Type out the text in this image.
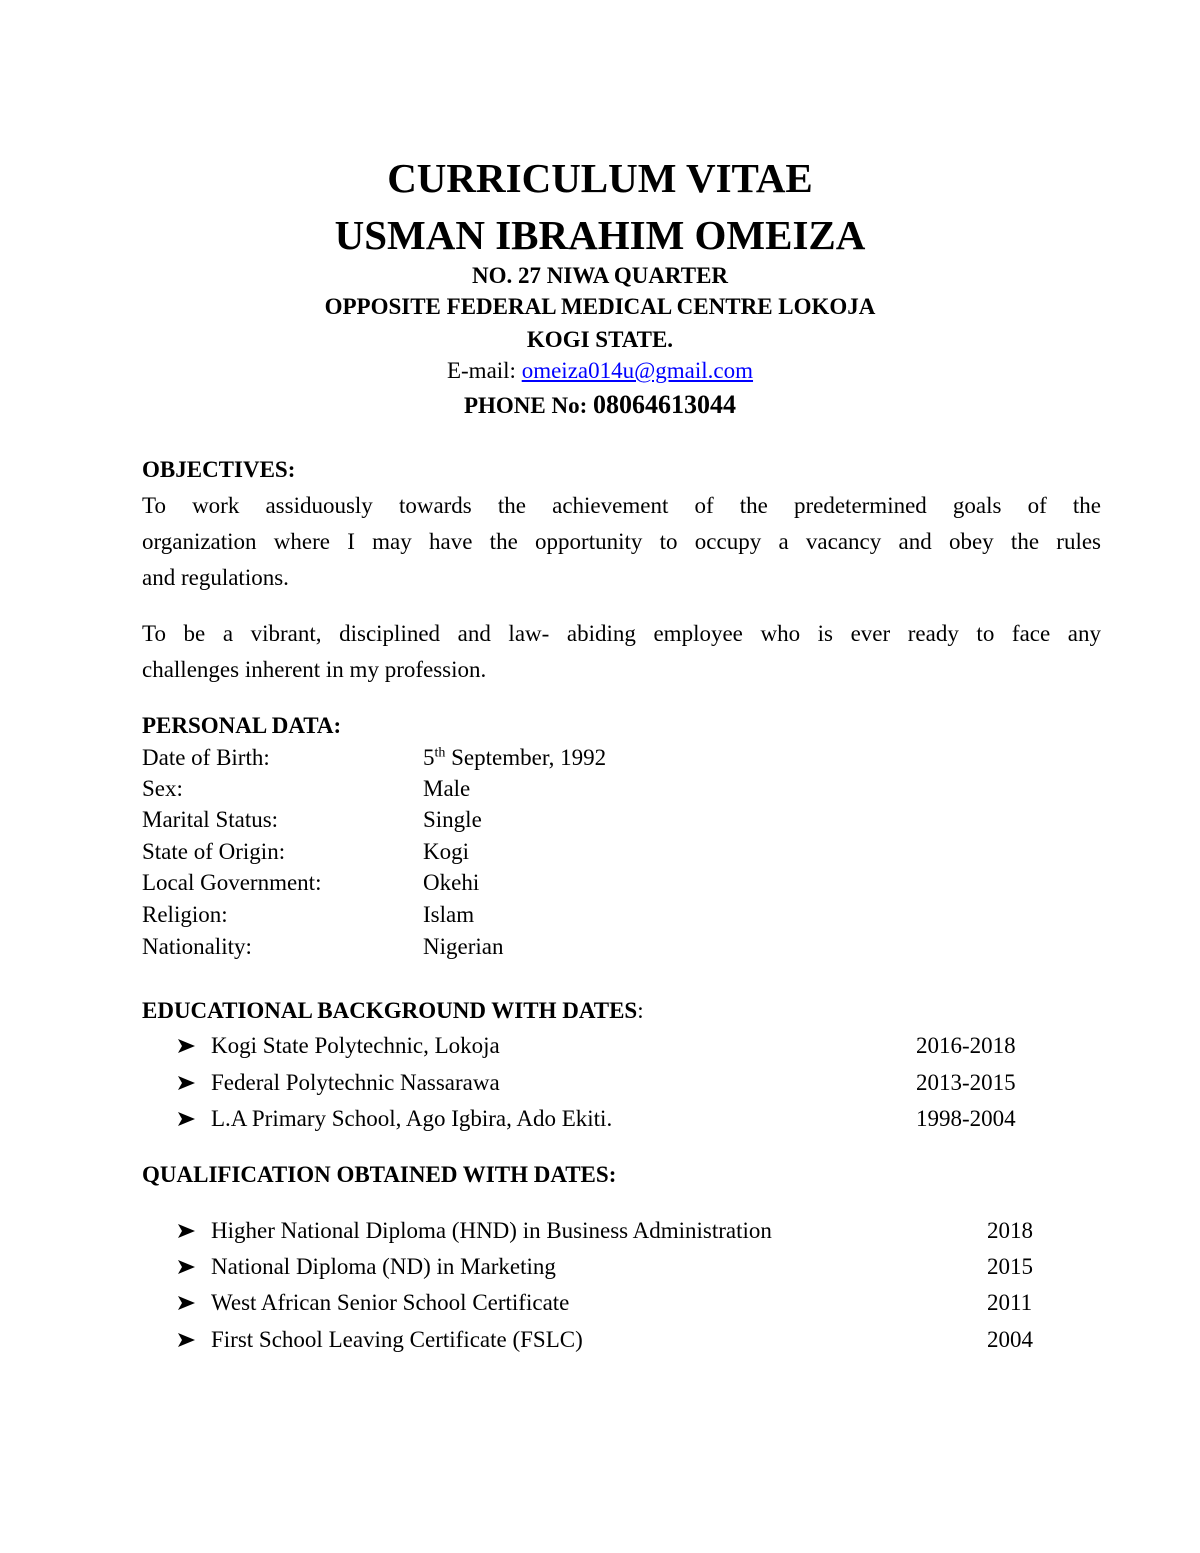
CURRICULUM VITAE
USMAN IBRAHIM OMEIZA
NO. 27 NIWA QUARTER
OPPOSITE FEDERAL MEDICAL CENTRE LOKOJA
KOGI STATE.
E-mail: omeiza014u@gmail.com
PHONE No: 08064613044
OBJECTIVES:
To work assiduously towards the achievement of the predetermined goals of the
organization where I may have the opportunity to occupy a vacancy and obey the rules
and regulations.
To be a vibrant, disciplined and law- abiding employee who is ever ready to face any
challenges inherent in my profession.
PERSONAL DATA:
Date of Birth:	5th September, 1992
Sex:	Male
Marital Status:	Single
State of Origin:	Kogi
Local Government:	Okehi
Religion:	Islam
Nationality:	Nigerian
EDUCATIONAL BACKGROUND WITH DATES:
Kogi State Polytechnic, Lokoja	2016-2018
Federal Polytechnic Nassarawa	2013-2015
L.A Primary School, Ago Igbira, Ado Ekiti.	1998-2004
QUALIFICATION OBTAINED WITH DATES:
Higher National Diploma (HND) in Business Administration	2018
National Diploma (ND) in Marketing	2015
West African Senior School Certificate	2011
First School Leaving Certificate (FSLC)	2004
